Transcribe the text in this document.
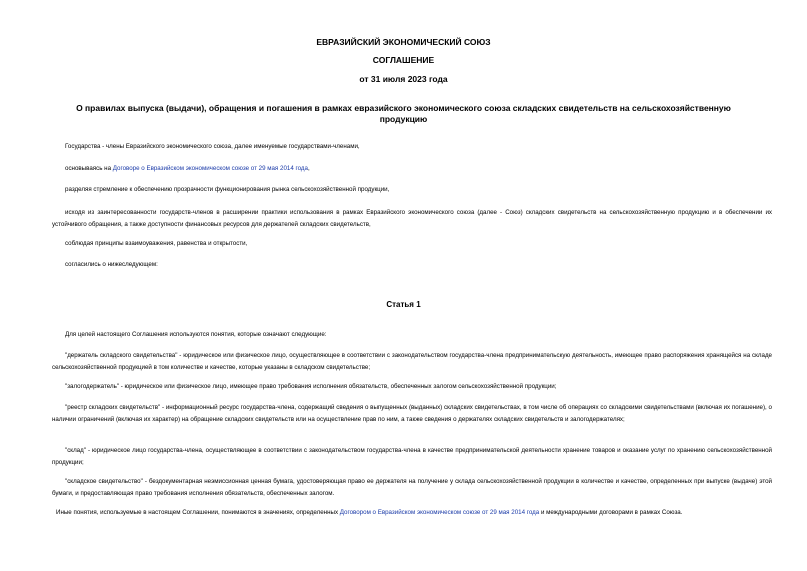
ЕВРАЗИЙСКИЙ ЭКОНОМИЧЕСКИЙ СОЮЗ
СОГЛАШЕНИЕ
от 31 июля 2023 года
О правилах выпуска (выдачи), обращения и погашения в рамках евразийского экономического союза складских свидетельств на сельскохозяйственную продукцию
Государства - члены Евразийского экономического союза, далее именуемые государствами-членами,
основываясь на Договоре о Евразийском экономическом союзе от 29 мая 2014 года,
разделяя стремление к обеспечению прозрачности функционирования рынка сельскохозяйственной продукции,
исходя из заинтересованности государств-членов в расширении практики использования в рамках Евразийского экономического союза (далее - Союз) складских свидетельств на сельскохозяйственную продукцию и в обеспечении их устойчивого обращения, а также доступности финансовых ресурсов для держателей складских свидетельств,
соблюдая принципы взаимоуважения, равенства и открытости,
согласились о нижеследующем:
Статья 1
Для целей настоящего Соглашения используются понятия, которые означают следующие:
"держатель складского свидетельства" - юридическое или физическое лицо, осуществляющее в соответствии с законодательством государства-члена предпринимательскую деятельность, имеющее право распоряжения хранящейся на складе сельскохозяйственной продукцией в том количестве и качестве, которые указаны в складском свидетельстве;
"залогодержатель" - юридическое или физическое лицо, имеющее право требования исполнения обязательств, обеспеченных залогом сельскохозяйственной продукции;
"реестр складских свидетельств" - информационный ресурс государства-члена, содержащий сведения о выпущенных (выданных) складских свидетельствах, в том числе об операциях со складскими свидетельствами (включая их погашение), о наличии ограничений (включая их характер) на обращение складских свидетельств или на осуществление прав по ним, а также сведения о держателях складских свидетельств и залогодержателях;
"склад" - юридическое лицо государства-члена, осуществляющее в соответствии с законодательством государства-члена в качестве предпринимательской деятельности хранение товаров и оказание услуг по хранению сельскохозяйственной продукции;
"складское свидетельство" - бездокументарная неэмиссионная ценная бумага, удостоверяющая право ее держателя на получение у склада сельскохозяйственной продукции в количестве и качестве, определенных при выпуске (выдаче) этой бумаги, и предоставляющая право требования исполнения обязательств, обеспеченных залогом.
Иные понятия, используемые в настоящем Соглашении, понимаются в значениях, определенных Договором о Евразийском экономическом союзе от 29 мая 2014 года и международными договорами в рамках Союза.
